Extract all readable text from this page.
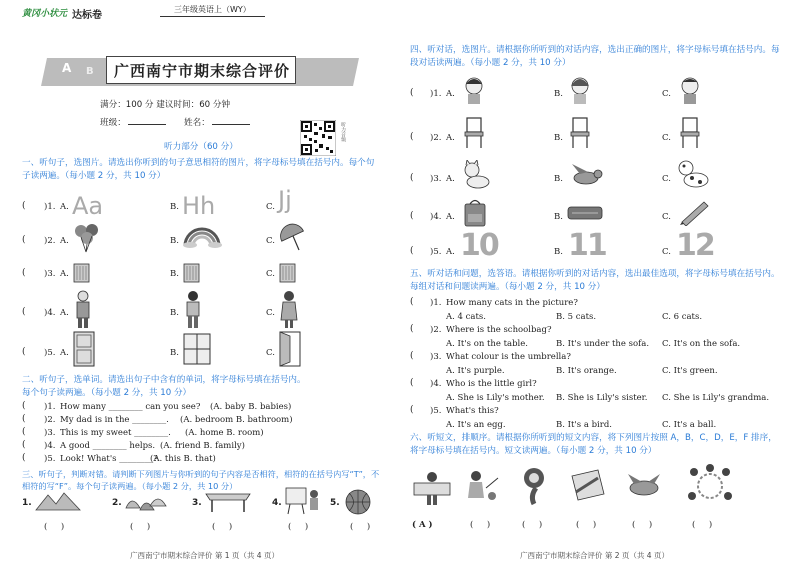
黄冈小状元 达标卷
三年级英语上（WY）
A B 广西南宁市期末综合评价
满分：100 分 建议时间：60 分钟
班级：	姓名：	听力音频
听力部分（60 分）
一、听句子，选图片。请选出你听到的句子意思相符的图片，将字母标号填在括号内。每个句子读两遍。（每小题 2 分，共 10 分）
( )1. A. Aa	B. Hh	C. Jj
( )2. A.	B.	C.
( )3. A.	B.	C.
( )4. A.	B.	C.
( )5. A.	B.	C.
二、听句子，选单词。请选出句子中含有的单词，将字母标号填在括号内。
每个句子读两遍。（每小题 2 分，共 10 分）
( )1. How many ________ can you see? (A. baby B. babies)
( )2. My dad is in the ________. (A. bedroom B. bathroom)
( )3. This is my sweet ________. (A. home B. room)
( )4. A good ________ helps. (A. friend B. family)
( )5. Look! What's ________?
(A. this B. that)
三、听句子，判断对错。请判断下列图片与你听到的句子内容是否相符，相符的在括号内写“T”，不相符的写“F”。每个句子读两遍。（每小题 2 分，共 10 分）
1.
(     )
2.
(     )
3.
(     )
4.
(     )
5.
(     )
广西南宁市期末综合评价 第 1 页（共 4 页）
四、听对话，选图片。请根据你所听到的对话内容，选出正确的图片，将字母标号填在括号内。每段对话读两遍。（每小题 2 分，共 10 分）
( )1. A.	B.	C.
( )2. A.	B.	C.
( )3. A.	B.	C.
( )4. A.	B.	C.
( )5. A. 10	B. 11	C. 12
五、听对话和问题，选答语。请根据你听到的对话内容，选出最佳选项，将字母标号填在括号内。每组对话和问题读两遍。（每小题 2 分，共 10 分）
( )1. How many cats in the picture?
A. 4 cats.	B. 5 cats.	C. 6 cats.
( )2. Where is the schoolbag?
A. It's on the table.	B. It's under the sofa. C. It's on the sofa.
( )3. What colour is the umbrella?
A. It's purple.	B. It's orange.	C. It's green.
( )4. Who is the little girl?
A. She is Lily's mother. B. She is Lily's sister. C. She is Lily's grandma.
( )5. What's this?
A. It's an egg.	B. It's a bird.	C. It's a ball.
六、听短文，排顺序。请根据你所听到的短文内容，将下列图片按照 A，B，C，D，E，F 排序，将字母标号填在括号内。短文读两遍。（每小题 2 分，共 10 分）
( A )	(     )	(     )	(     )	(     )	(     )
广西南宁市期末综合评价 第 2 页（共 4 页）
